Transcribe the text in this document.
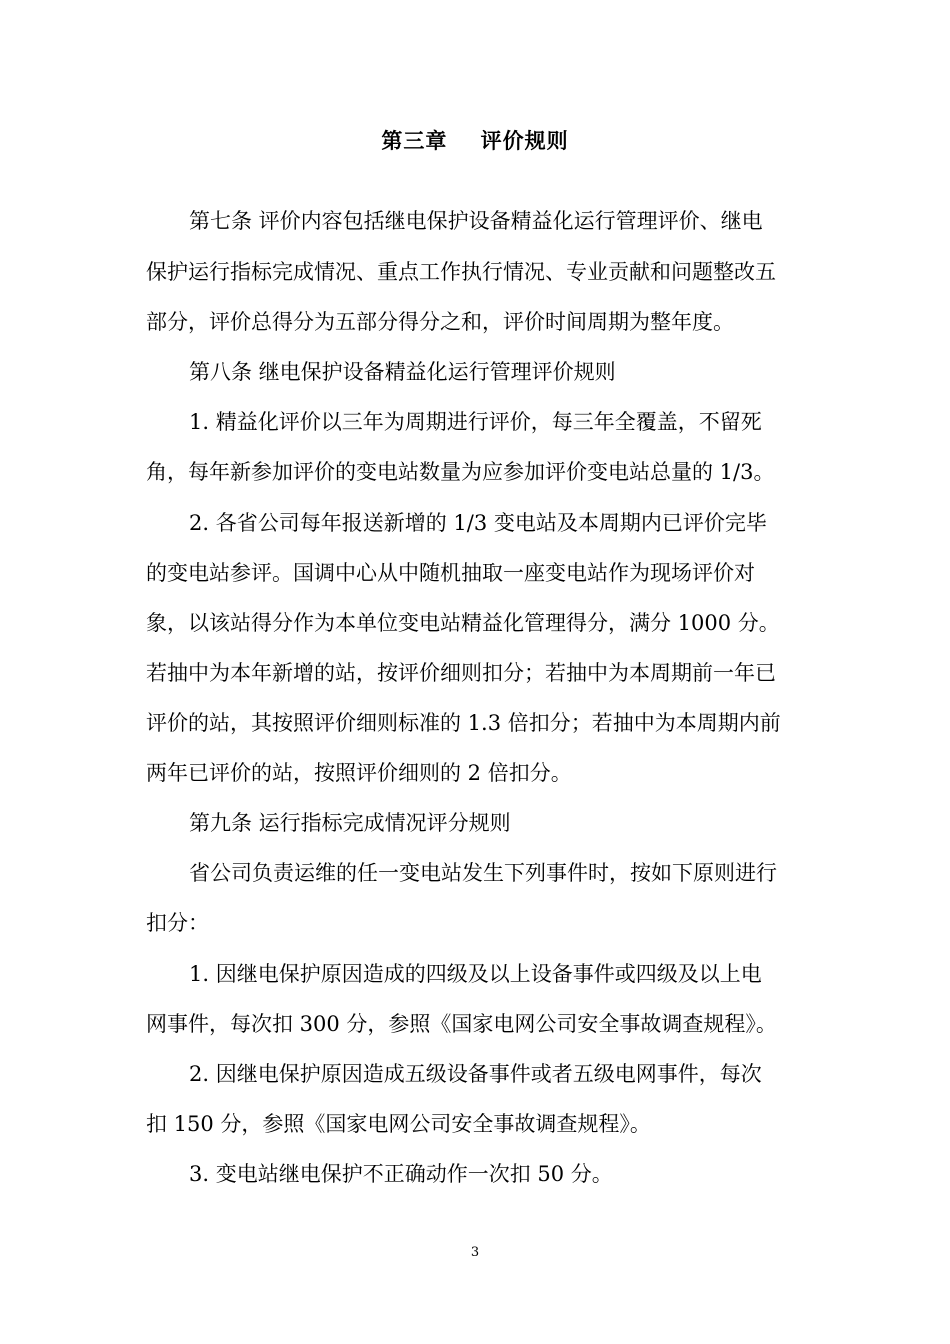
第三章    评价规则
第七条 评价内容包括继电保护设备精益化运行管理评价、继电
保护运行指标完成情况、重点工作执行情况、专业贡献和问题整改五
部分，评价总得分为五部分得分之和，评价时间周期为整年度。
第八条 继电保护设备精益化运行管理评价规则
1. 精益化评价以三年为周期进行评价，每三年全覆盖，不留死
角，每年新参加评价的变电站数量为应参加评价变电站总量的 1/3。
2. 各省公司每年报送新增的 1/3 变电站及本周期内已评价完毕
的变电站参评。国调中心从中随机抽取一座变电站作为现场评价对
象，以该站得分作为本单位变电站精益化管理得分，满分 1000 分。
若抽中为本年新增的站，按评价细则扣分；若抽中为本周期前一年已
评价的站，其按照评价细则标准的 1.3 倍扣分；若抽中为本周期内前
两年已评价的站，按照评价细则的 2 倍扣分。
第九条 运行指标完成情况评分规则
省公司负责运维的任一变电站发生下列事件时，按如下原则进行
扣分：
1. 因继电保护原因造成的四级及以上设备事件或四级及以上电
网事件，每次扣 300 分，参照《国家电网公司安全事故调查规程》。
2. 因继电保护原因造成五级设备事件或者五级电网事件，每次
扣 150 分，参照《国家电网公司安全事故调查规程》。
3. 变电站继电保护不正确动作一次扣 50 分。
3
